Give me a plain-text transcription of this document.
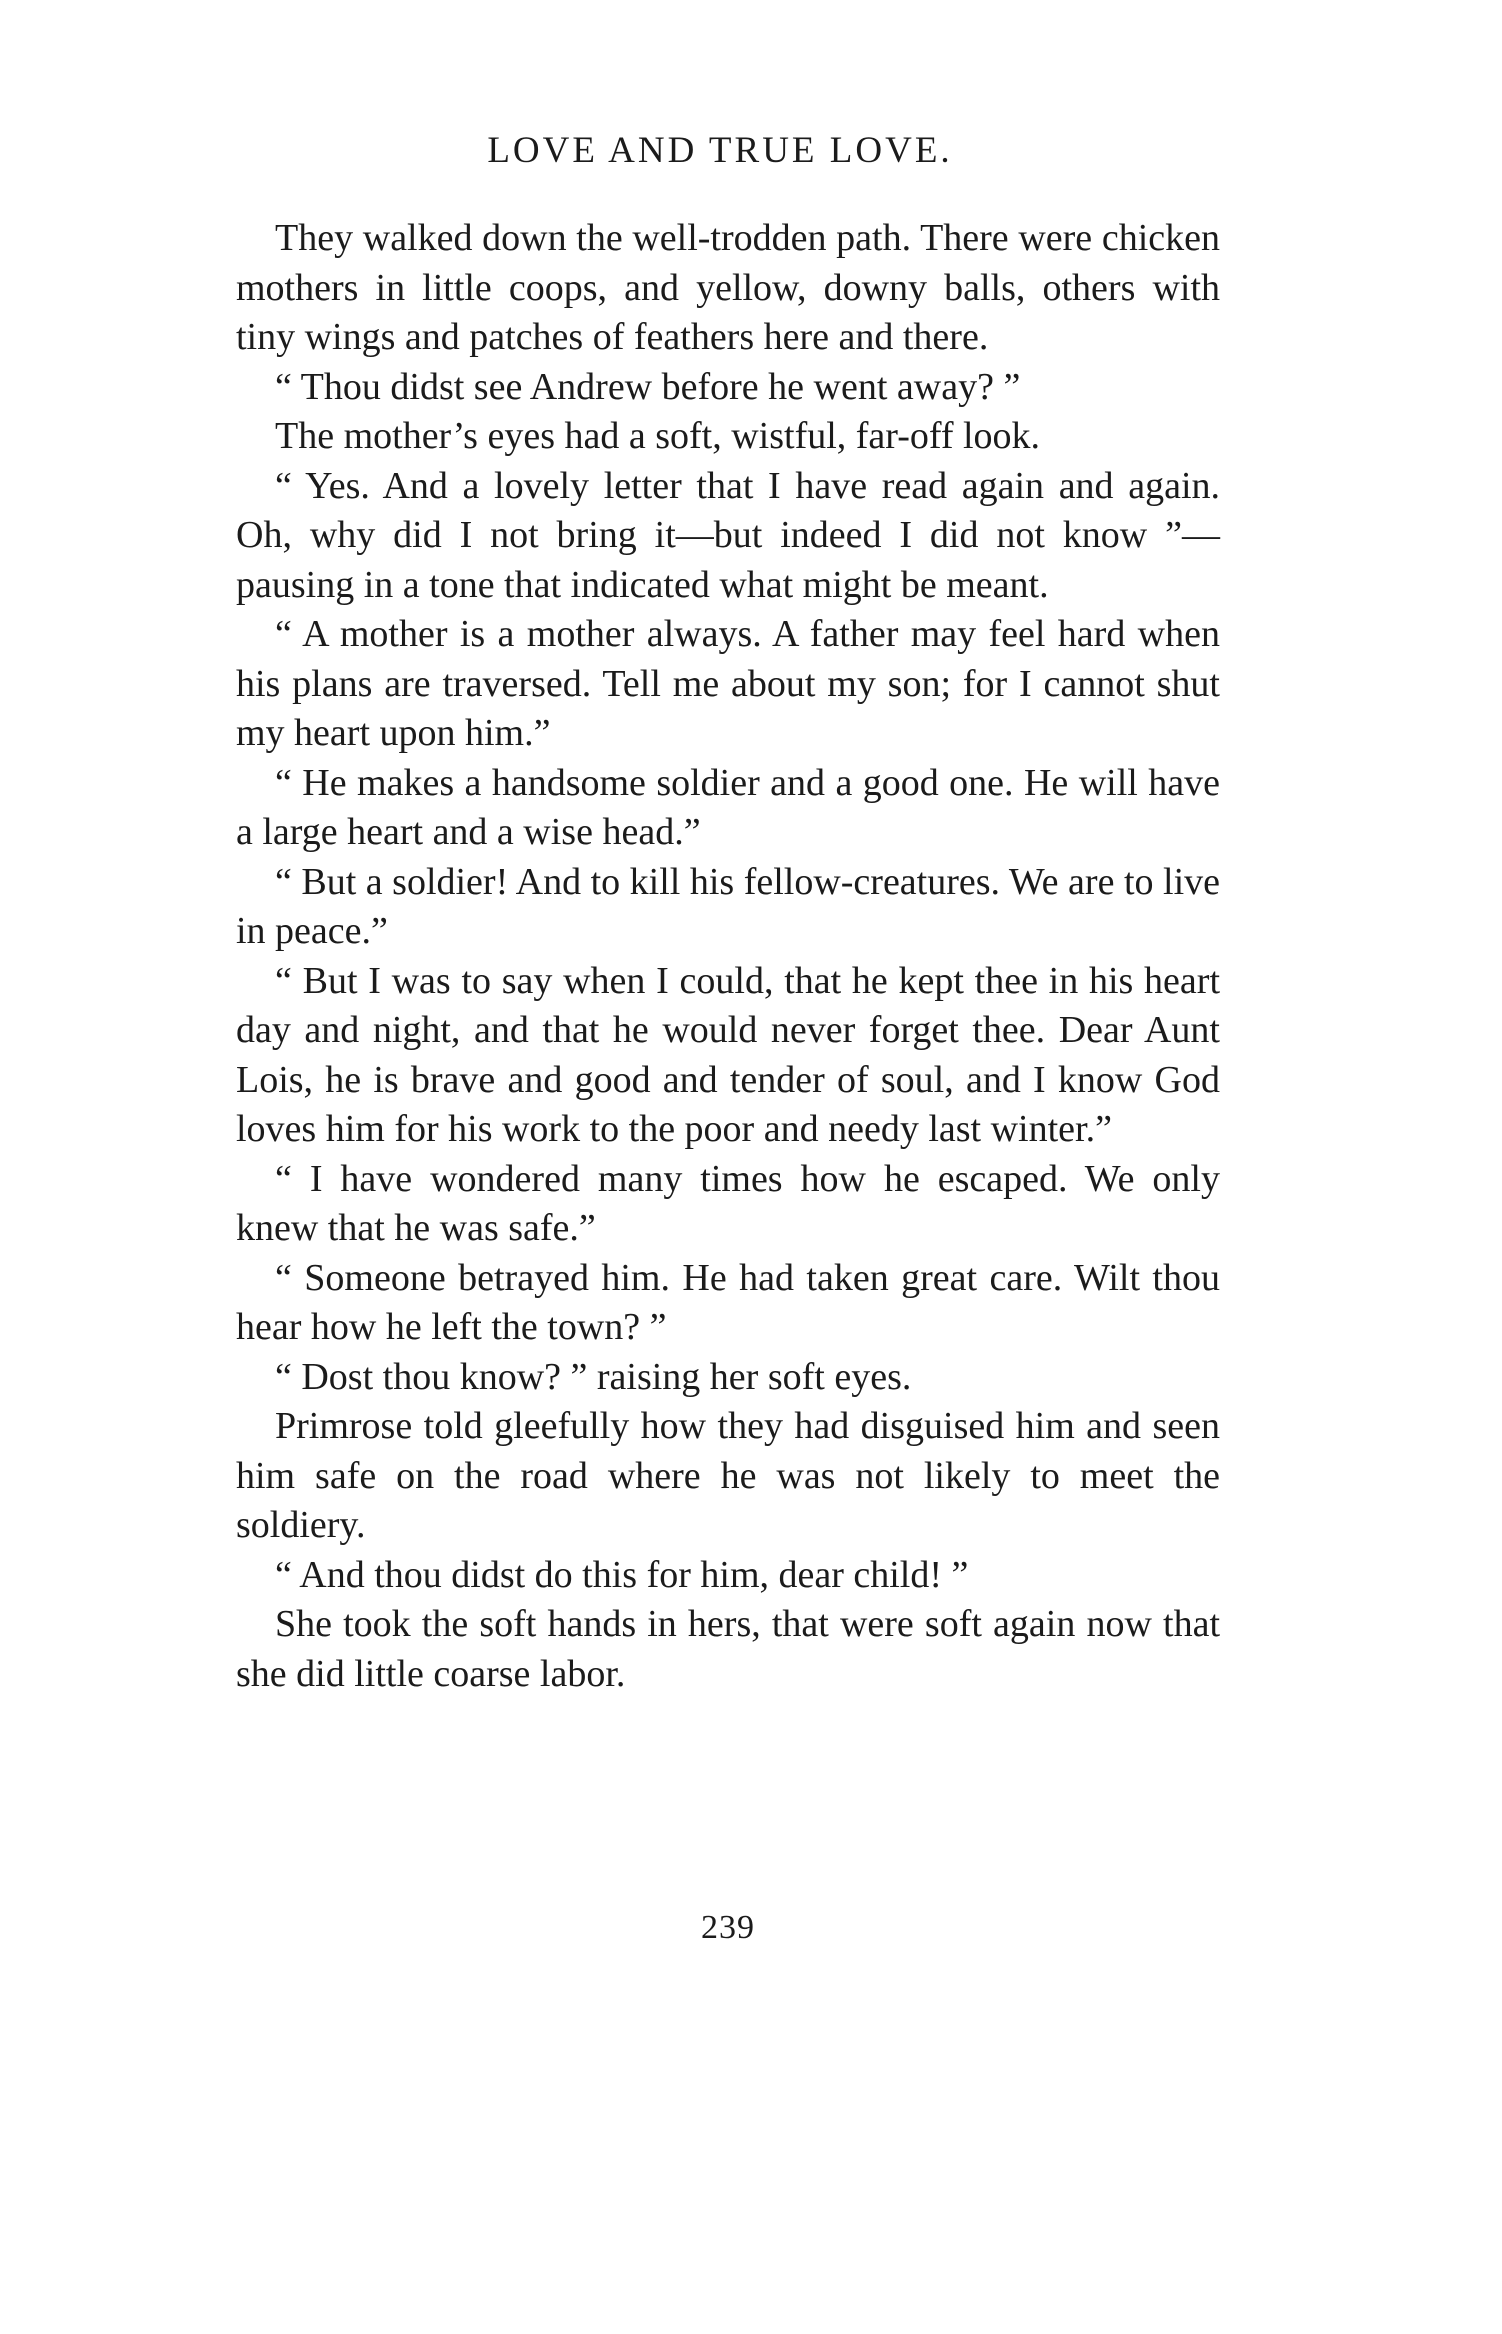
LOVE AND TRUE LOVE.

They walked down the well-trodden path. There were chicken mothers in little coops, and yellow, downy balls, others with tiny wings and patches of feathers here and there.

“ Thou didst see Andrew before he went away? ”

The mother’s eyes had a soft, wistful, far-off look.

“ Yes. And a lovely letter that I have read again and again. Oh, why did I not bring it—but indeed I did not know ”—pausing in a tone that indicated what might be meant.

“ A mother is a mother always. A father may feel hard when his plans are traversed. Tell me about my son; for I cannot shut my heart upon him.”

“ He makes a handsome soldier and a good one. He will have a large heart and a wise head.”

“ But a soldier! And to kill his fellow-creatures. We are to live in peace.”

“ But I was to say when I could, that he kept thee in his heart day and night, and that he would never forget thee. Dear Aunt Lois, he is brave and good and tender of soul, and I know God loves him for his work to the poor and needy last winter.”

“ I have wondered many times how he escaped. We only knew that he was safe.”

“ Someone betrayed him. He had taken great care. Wilt thou hear how he left the town? ”

“ Dost thou know? ” raising her soft eyes.

Primrose told gleefully how they had disguised him and seen him safe on the road where he was not likely to meet the soldiery.

“ And thou didst do this for him, dear child! ”

She took the soft hands in hers, that were soft again now that she did little coarse labor.

239
